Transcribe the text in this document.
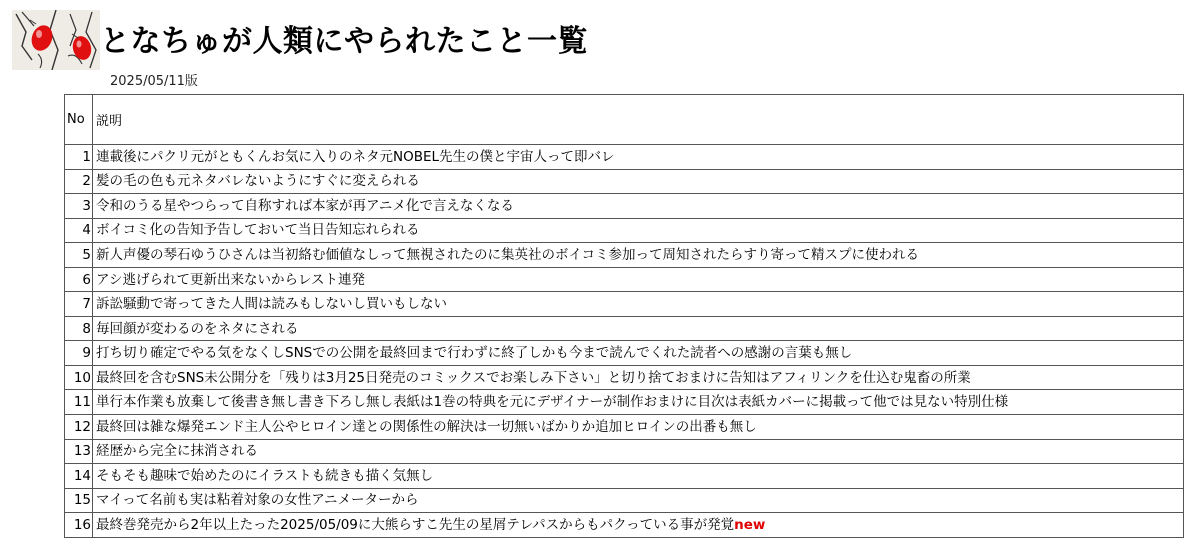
となちゅが人類にやられたこと一覧
2025/05/11版
No	説明
1	連載後にパクリ元がともくんお気に入りのネタ元NOBEL先生の僕と宇宙人って即バレ
2	髪の毛の色も元ネタバレないようにすぐに変えられる
3	令和のうる星やつらって自称すれば本家が再アニメ化で言えなくなる
4	ボイコミ化の告知予告しておいて当日告知忘れられる
5	新人声優の琴石ゆうひさんは当初絡む価値なしって無視されたのに集英社のボイコミ参加って周知されたらすり寄って精スプに使われる
6	アシ逃げられて更新出来ないからレスト連発
7	訴訟騒動で寄ってきた人間は読みもしないし買いもしない
8	毎回顔が変わるのをネタにされる
9	打ち切り確定でやる気をなくしSNSでの公開を最終回まで行わずに終了しかも今まで読んでくれた読者への感謝の言葉も無し
10	最終回を含むSNS未公開分を「残りは3月25日発売のコミックスでお楽しみ下さい」と切り捨ておまけに告知はアフィリンクを仕込む鬼畜の所業
11	単行本作業も放棄して後書き無し書き下ろし無し表紙は1巻の特典を元にデザイナーが制作おまけに目次は表紙カバーに掲載って他では見ない特別仕様
12	最終回は雑な爆発エンド主人公やヒロイン達との関係性の解決は一切無いばかりか追加ヒロインの出番も無し
13	経歴から完全に抹消される
14	そもそも趣味で始めたのにイラストも続きも描く気無し
15	マイって名前も実は粘着対象の女性アニメーターから
16	最終巻発売から2年以上たった2025/05/09に大熊らすこ先生の星屑テレパスからもパクっている事が発覚new
